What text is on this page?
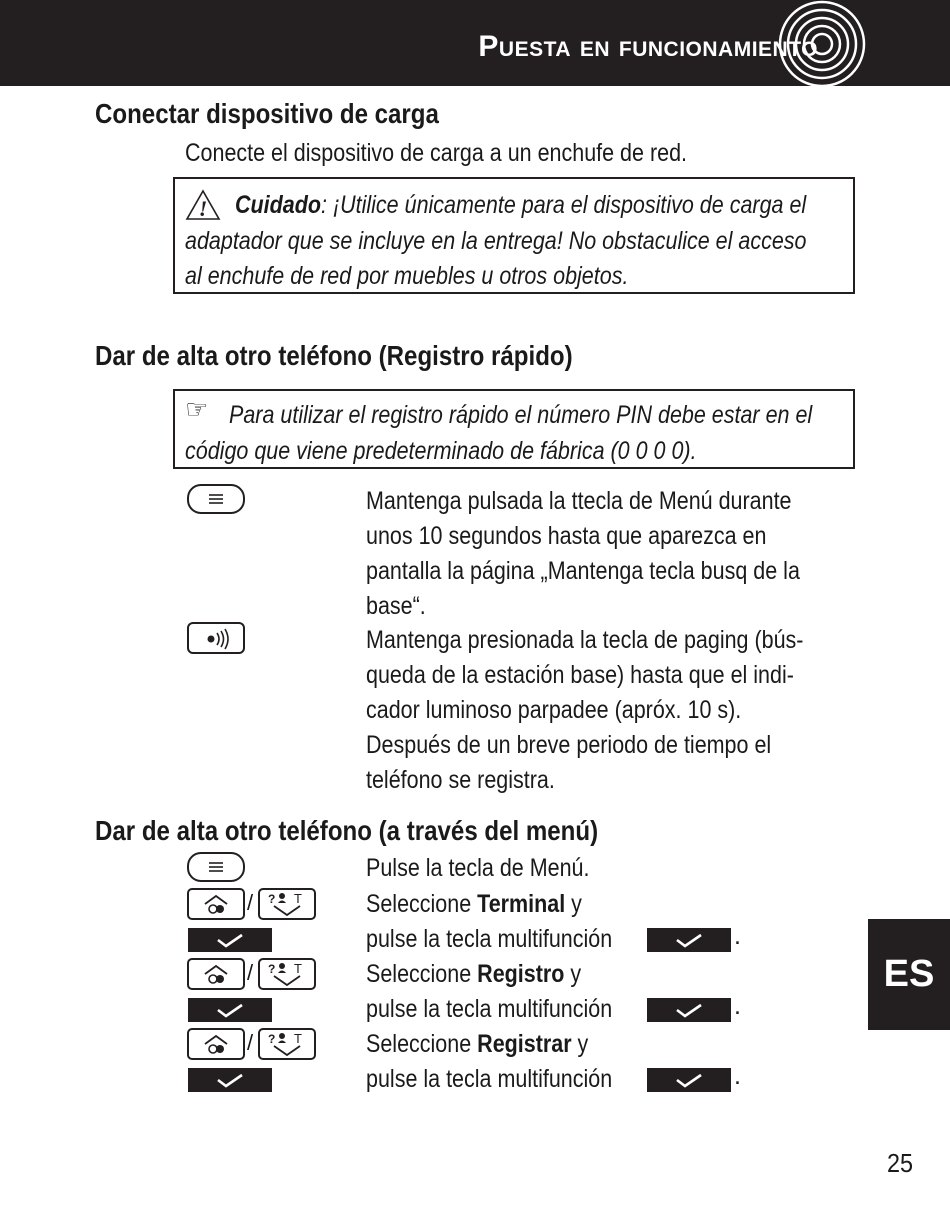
Puesta en funcionamiento
Conectar dispositivo de carga
Conecte el dispositivo de carga a un enchufe de red.
! Cuidado: ¡Utilice únicamente para el dispositivo de carga el
adaptador que se incluye en la entrega! No obstaculice el acceso
al enchufe de red por muebles u otros objetos.
Dar de alta otro teléfono (Registro rápido)
☞ Para utilizar el registro rápido el número PIN debe estar en el
código que viene predeterminado de fábrica (0 0 0 0).
Mantenga pulsada la ttecla de Menú durante
unos 10 segundos hasta que aparezca en
pantalla la página „Mantenga tecla busq de la
base“.
Mantenga presionada la tecla de paging (bús-
queda de la estación base) hasta que el indi-
cador luminoso parpadee (apróx. 10 s).
Después de un breve periodo de tiempo el
teléfono se registra.
Dar de alta otro teléfono (a través del menú)
Pulse la tecla de Menú.
/ ? T	Seleccione Terminal y
pulse la tecla multifunción	.
/ ? T	Seleccione Registro y
pulse la tecla multifunción	.
/ ? T	Seleccione Registrar y
pulse la tecla multifunción	.
ES
25
